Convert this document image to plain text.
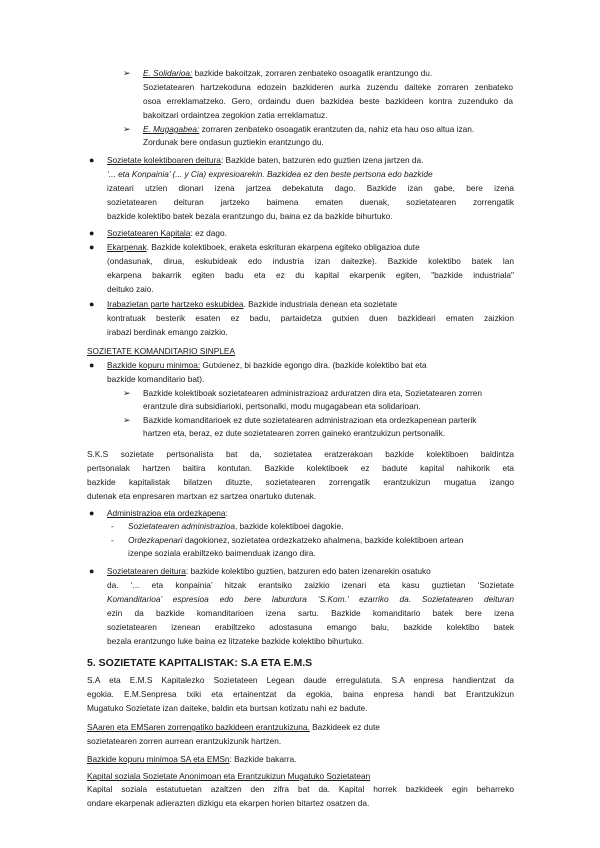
➢ E. Solidarioa: bazkide bakoitzak, zorraren zenbateko osoagatik erantzungo du.
Sozietatearen hartzekoduna edozein bazkideren aurka zuzendu daiteke zorraren zenbateko
osoa erreklamatzeko. Gero, ordaindu duen bazkidea beste bazkideen kontra zuzenduko da
bakoitzari ordaintzea zegokion zatia erreklamatuz.
➢ E. Mugagabea: zorraren zenbateko osoagatik erantzuten da, nahiz eta hau oso altua izan.
Zordunak bere ondasun guztiekin erantzungo du.
● Sozietate kolektiboaren deitura: Bazkide baten, batzuren edo guztien izena jartzen da.
‘... eta Konpainia’ (... y Cia) expresioarekin. Bazkidea ez den beste pertsona edo bazkide
izateari utzien dionari izena jartzea debekatuta dago. Bazkide izan gabe, bere izena
sozietatearen deituran jartzeko baimena ematen duenak, sozietatearen zorrengatik
bazkide kolektibo batek bezala erantzungo du, baina ez da bazkide bihurtuko.
● Sozietatearen Kapitala: ez dago.
● Ekarpenak. Bazkide kolektiboek, eraketa eskrituran ekarpena egiteko obligazioa dute
(ondasunak, dirua, eskubideak edo industria izan daitezke). Bazkide kolektibo batek lan
ekarpena bakarrik egiten badu eta ez du kapital ekarpenik egiten, "bazkide industriala"
deituko zaio.
● Irabazietan parte hartzeko eskubidea. Bazkide industriala denean eta sozietate
kontratuak besterik esaten ez badu, partaidetza gutxien duen bazkideari ematen zaizkion
irabazi berdinak emango zaizkio.
SOZIETATE KOMANDITARIO SINPLEA
● Bazkide kopuru minimoa: Gutxienez, bi bazkide egongo dira. (bazkide kolektibo bat eta
bazkide komanditario bat).
➢ Bazkide kolektiboak sozietatearen administrazioaz arduratzen dira eta, Sozietatearen zorren
erantzule dira subsidiarioki, pertsonalki, modu mugagabean eta solidarioan.
➢ Bazkide komanditarioek ez dute sozietatearen administrazioan eta ordezkapenean parterik
hartzen eta, beraz, ez dute sozietatearen zorren gaineko erantzukizun pertsonalik.
S.K.S sozietate pertsonalista bat da, sozietatea eratzerakoan bazkide kolektiboen baldintza
pertsonalak hartzen baitira kontutan. Bazkide kolektiboek ez badute kapital nahikorik eta
bazkide kapitalistak bilatzen dituzte, sozietatearen zorrengatik erantzukizun mugatua izango
dutenak eta enpresaren martxan ez sartzea onartuko dutenak.
● Administrazioa eta ordezkapena:
- Sozietatearen administrazioa, bazkide kolektiboei dagokie.
- Ordezkapenari dagokionez, sozietatea ordezkatzeko ahalmena, bazkide kolektiboen artean
izenpe soziala erabiltzeko baimenduak izango dira.
● Sozietatearen deitura: bazkide kolektibo guztien, batzuren edo baten izenarekin osatuko
da. ‘... eta konpainia’ hitzak erantsiko zaizkio izenari eta kasu guztietan ‘Sozietate
Komanditarioa’ espresioa edo bere laburdura ‘S.Kom.’ ezarriko da. Sozietatearen deituran
ezin da bazkide komanditarioen izena sartu. Bazkide komanditario batek bere izena
sozietatearen izenean erabiltzeko adostasuna emango balu, bazkide kolektibo batek
bezala erantzungo luke baina ez litzateke bazkide kolektibo bihurtuko.
5. SOZIETATE KAPITALISTAK: S.A ETA E.M.S
S.A eta E.M.S Kapitalezko Sozietateen Legean daude erregulatuta. S.A enpresa handientzat da
egokia. E.M.Senpresa txiki eta ertainentzat da egokia, baina enpresa handi bat Erantzukizun
Mugatuko Sozietate izan daiteke, baldin eta burtsan kotizatu nahi ez badute.
SAaren eta EMSaren zorrengatiko bazkideen erantzukizuna. Bazkideek ez dute
sozietatearen zorren aurrean erantzukizunik hartzen.
Bazkide kopuru minimoa SA eta EMSn: Bazkide bakarra.
Kapital soziala Sozietate Anonimoan eta Erantzukizun Mugatuko Sozietatean
Kapital soziala estatutuetan azaltzen den zifra bat da. Kapital horrek bazkideek egin beharreko
ondare ekarpenak adierazten dizkigu eta ekarpen horien bitartez osatzen da.
